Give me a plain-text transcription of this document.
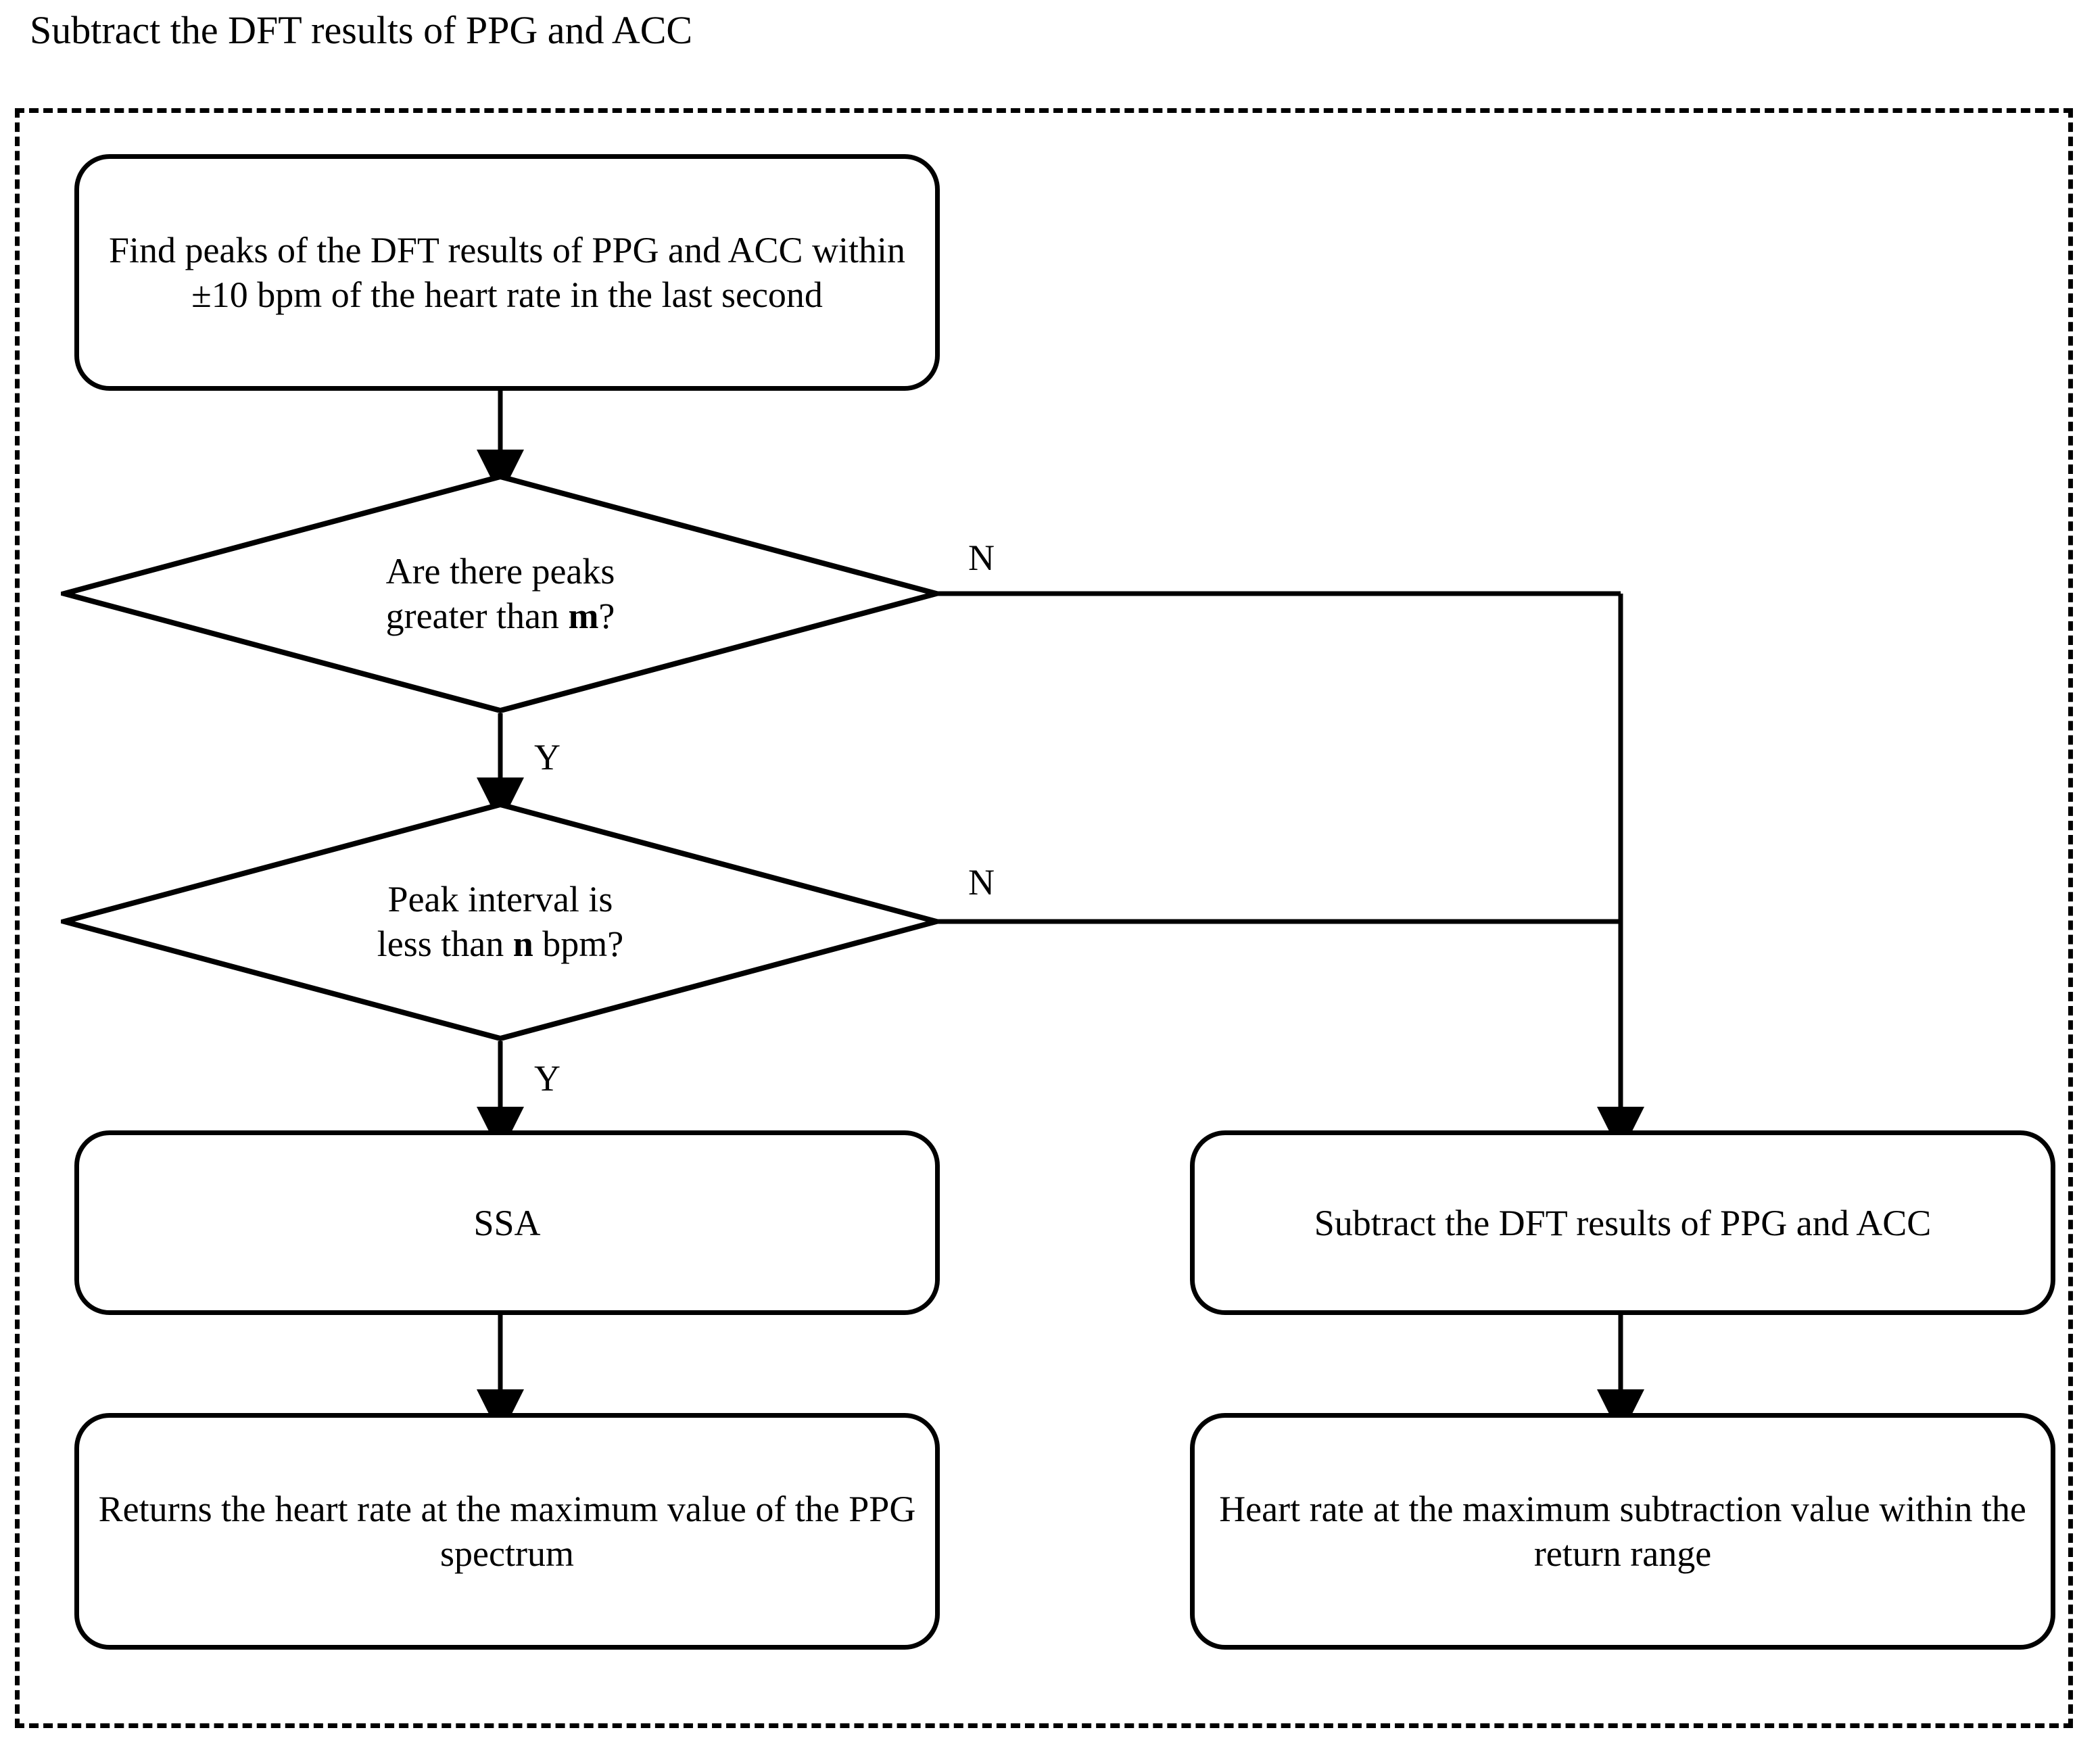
Subtract the DFT results of PPG and ACC
Find peaks of the DFT results of PPG and ACC within ±10 bpm of the heart rate in the last second
Are there peaks
greater than m?
Peak interval is
less than n bpm?
SSA	Subtract the DFT results of PPG and ACC
Returns the heart rate at the maximum value of the PPG spectrum
Heart rate at the maximum subtraction value within the return range
N
Y
N
Y
